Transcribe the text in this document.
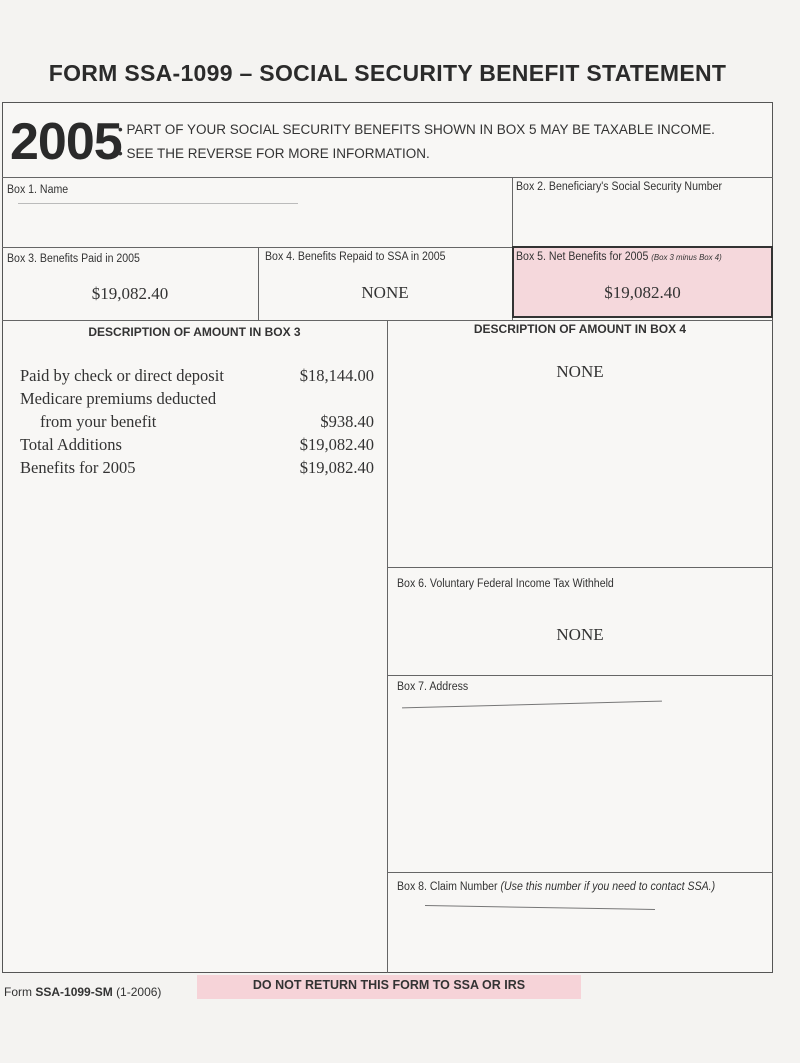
FORM SSA-1099 – SOCIAL SECURITY BENEFIT STATEMENT
2005
• PART OF YOUR SOCIAL SECURITY BENEFITS SHOWN IN BOX 5 MAY BE TAXABLE INCOME.
• SEE THE REVERSE FOR MORE INFORMATION.
Box 1. Name	Box 2. Beneficiary's Social Security Number
Box 3. Benefits Paid in 2005
$19,082.40
Box 4. Benefits Repaid to SSA in 2005
NONE
Box 5. Net Benefits for 2005 (Box 3 minus Box 4)
$19,082.40
DESCRIPTION OF AMOUNT IN BOX 3
Paid by check or direct deposit	$18,144.00
Medicare premiums deducted
from your benefit	$938.40
Total Additions	$19,082.40
Benefits for 2005	$19,082.40
DESCRIPTION OF AMOUNT IN BOX 4
NONE
Box 6. Voluntary Federal Income Tax Withheld
NONE
Box 7. Address
Box 8. Claim Number (Use this number if you need to contact SSA.)
Form SSA-1099-SM (1-2006)	DO NOT RETURN THIS FORM TO SSA OR IRS
